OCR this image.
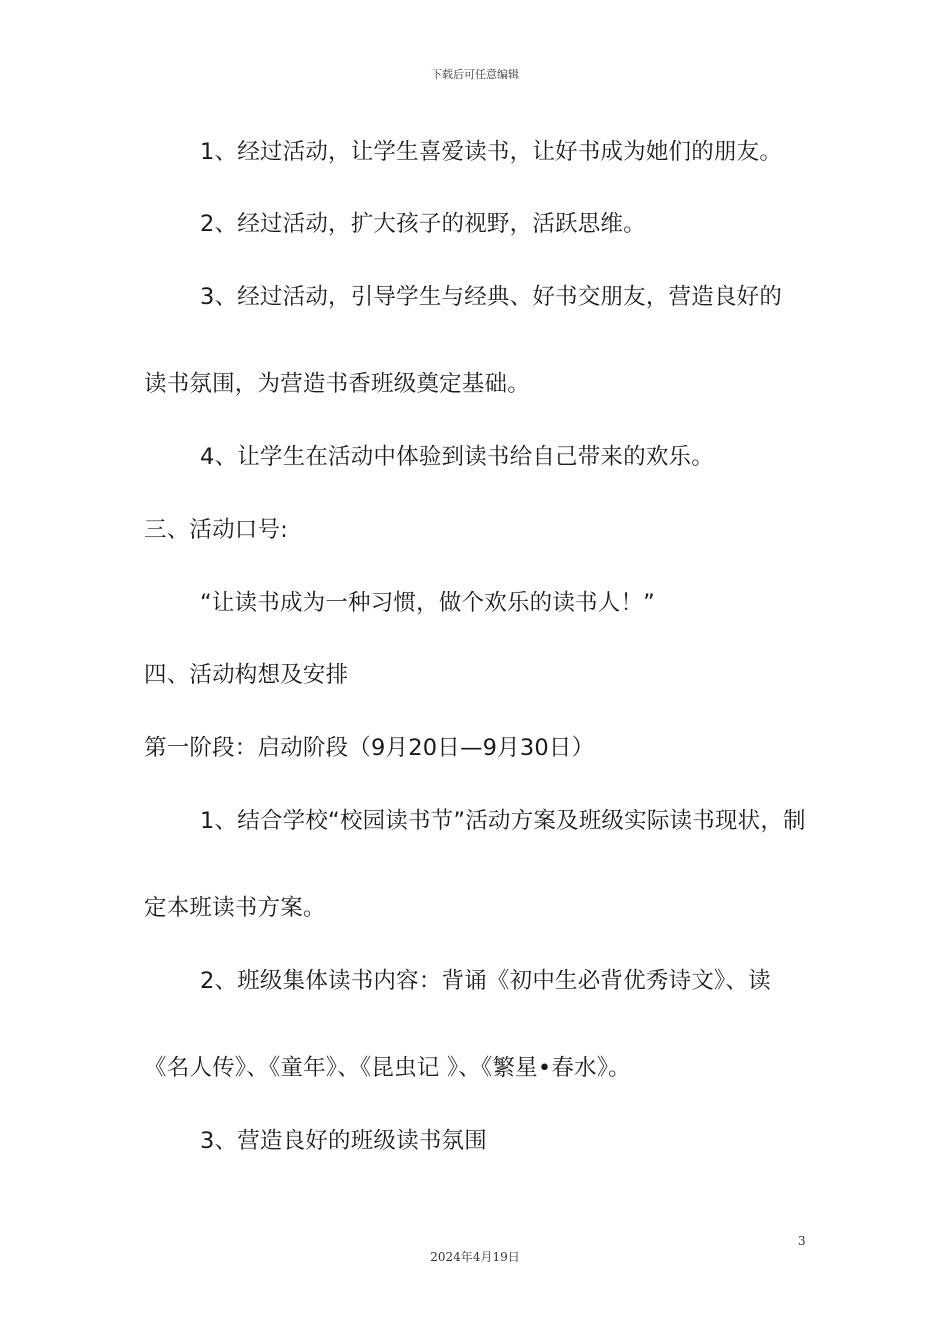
下载后可任意编辑
1、经过活动，让学生喜爱读书，让好书成为她们的朋友。
2、经过活动，扩大孩子的视野，活跃思维。
3、经过活动，引导学生与经典、好书交朋友，营造良好的
读书氛围，为营造书香班级奠定基础。
4、让学生在活动中体验到读书给自己带来的欢乐。
三、活动口号:
“让读书成为一种习惯，做个欢乐的读书人！”
四、活动构想及安排
第一阶段：启动阶段（9月20日—9月30日）
1、结合学校“校园读书节”活动方案及班级实际读书现状，制
定本班读书方案。
2、班级集体读书内容：背诵《初中生必背优秀诗文》、读
《名人传》、《童年》、《昆虫记 》、《繁星•春水》。
3、营造良好的班级读书氛围
3
2024年4月19日
